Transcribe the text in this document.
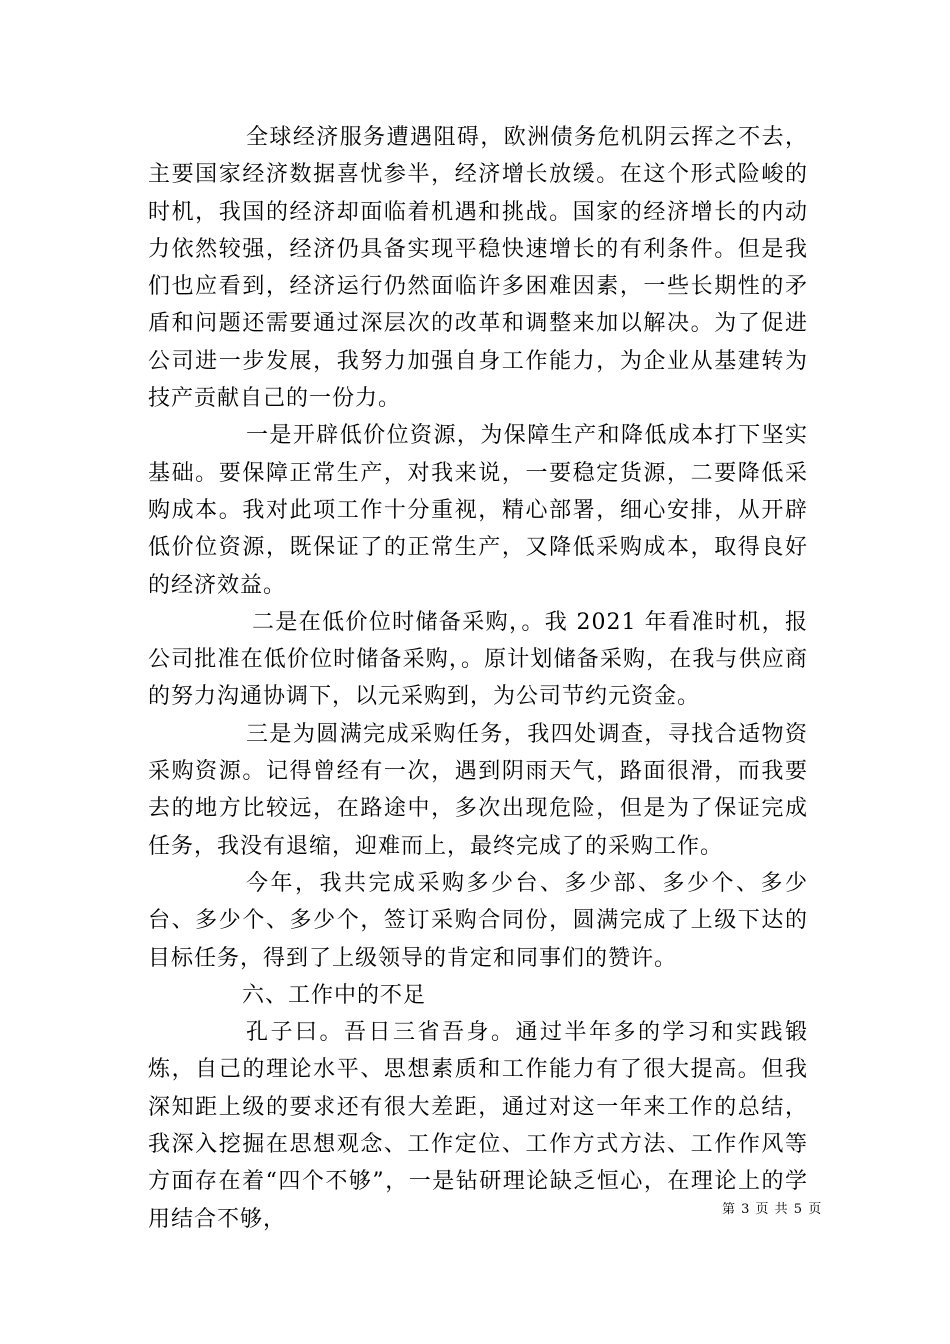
全球经济服务遭遇阻碍，欧洲债务危机阴云挥之不去，主要国家经济数据喜忧参半，经济增长放缓。在这个形式险峻的时机，我国的经济却面临着机遇和挑战。国家的经济增长的内动力依然较强，经济仍具备实现平稳快速增长的有利条件。但是我们也应看到，经济运行仍然面临许多困难因素，一些长期性的矛盾和问题还需要通过深层次的改革和调整来加以解决。为了促进公司进一步发展，我努力加强自身工作能力，为企业从基建转为技产贡献自己的一份力。

一是开辟低价位资源，为保障生产和降低成本打下坚实基础。要保障正常生产，对我来说，一要稳定货源，二要降低采购成本。我对此项工作十分重视，精心部署，细心安排，从开辟低价位资源，既保证了的正常生产，又降低采购成本，取得良好的经济效益。

二是在低价位时储备采购，。我 2021 年看准时机，报公司批准在低价位时储备采购，。原计划储备采购，在我与供应商的努力沟通协调下，以元采购到，为公司节约元资金。

三是为圆满完成采购任务，我四处调查，寻找合适物资采购资源。记得曾经有一次，遇到阴雨天气，路面很滑，而我要去的地方比较远，在路途中，多次出现危险，但是为了保证完成任务，我没有退缩，迎难而上，最终完成了的采购工作。

今年，我共完成采购多少台、多少部、多少个、多少台、多少个、多少个，签订采购合同份，圆满完成了上级下达的目标任务，得到了上级领导的肯定和同事们的赞许。

六、工作中的不足

孔子曰。吾日三省吾身。通过半年多的学习和实践锻炼，自己的理论水平、思想素质和工作能力有了很大提高。但我深知距上级的要求还有很大差距，通过对这一年来工作的总结，我深入挖掘在思想观念、工作定位、工作方式方法、工作作风等方面存在着“四个不够”，一是钻研理论缺乏恒心，在理论上的学用结合不够，	第 3 页 共 5 页
